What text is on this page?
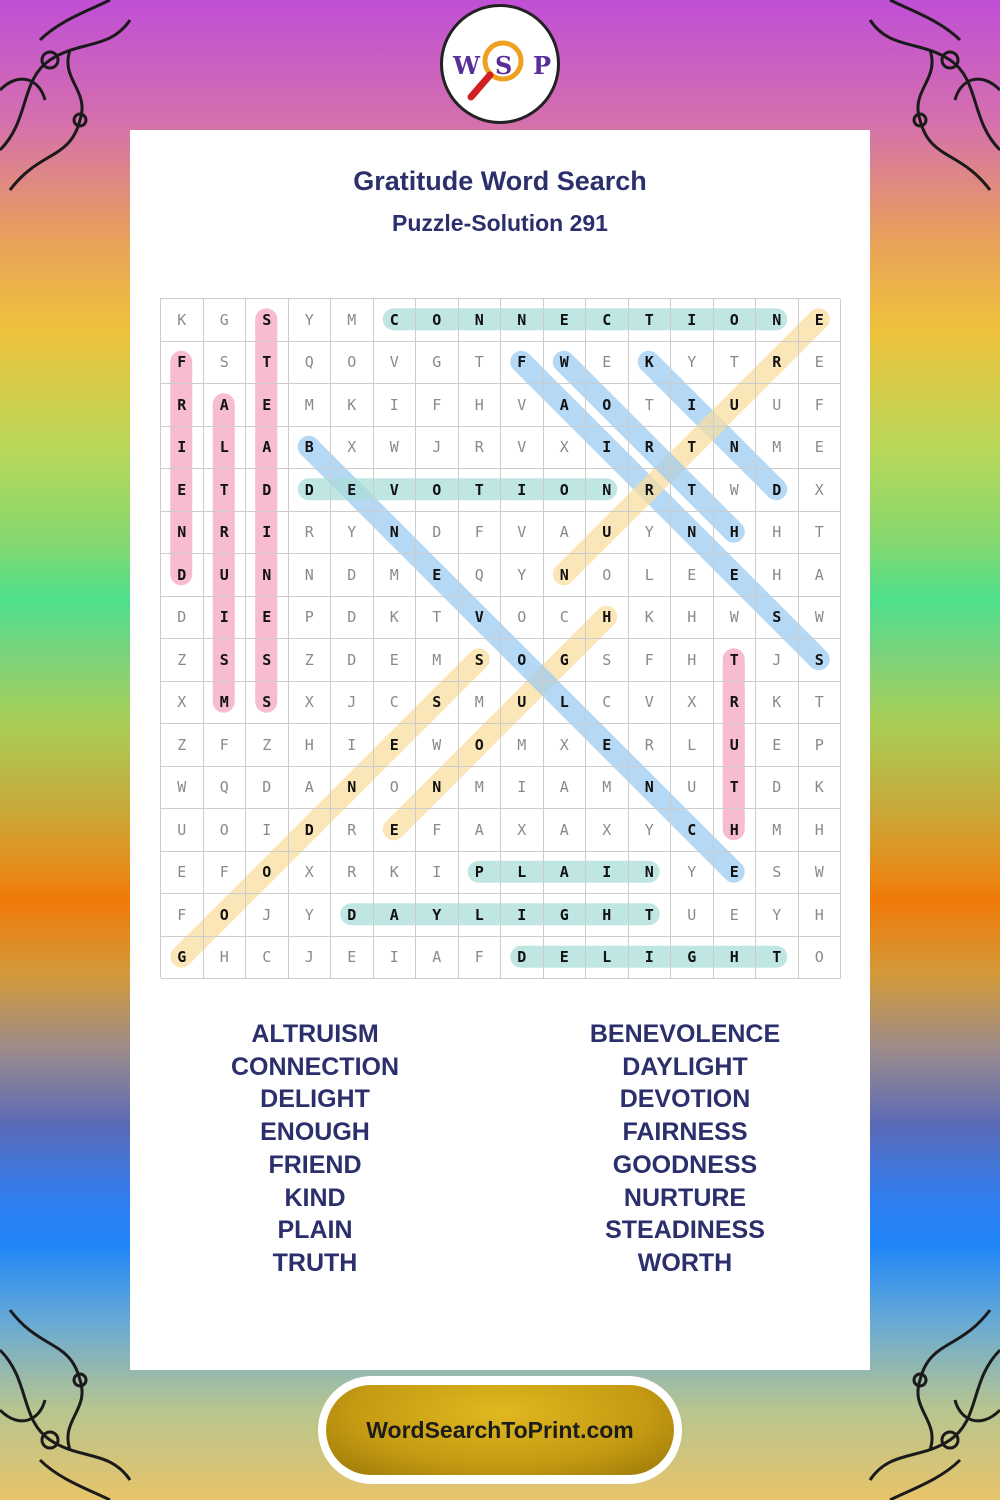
W S P
Gratitude Word Search
Puzzle-Solution 291
K	G	S	Y	M	C	O	N	N	E	C	T	I	O	N	E
F	S	T	Q	O	V	G	T	F	W	E	K	Y	T	R	E
R	A	E	M	K	I	F	H	V	A	O	T	I	U	U	F
I	L	A	B	X	W	J	R	V	X	I	R	T	N	M	E
E	T	D	D	E	V	O	T	I	O	N	R	T	W	D	X
N	R	I	R	Y	N	D	F	V	A	U	Y	N	H	H	T
D	U	N	N	D	M	E	Q	Y	N	O	L	E	E	H	A
D	I	E	P	D	K	T	V	O	C	H	K	H	W	S	W
Z	S	S	Z	D	E	M	S	O	G	S	F	H	T	J	S
X	M	S	X	J	C	S	M	U	L	C	V	X	R	K	T
Z	F	Z	H	I	E	W	O	M	X	E	R	L	U	E	P
W	Q	D	A	N	O	N	M	I	A	M	N	U	T	D	K
U	O	I	D	R	E	F	A	X	A	X	Y	C	H	M	H
E	F	O	X	R	K	I	P	L	A	I	N	Y	E	S	W
F	O	J	Y	D	A	Y	L	I	G	H	T	U	E	Y	H
G	H	C	J	E	I	A	F	D	E	L	I	G	H	T	O
ALTRUISM
CONNECTION
DELIGHT
ENOUGH
FRIEND
KIND
PLAIN
TRUTH
BENEVOLENCE
DAYLIGHT
DEVOTION
FAIRNESS
GOODNESS
NURTURE
STEADINESS
WORTH
WordSearchToPrint.com
